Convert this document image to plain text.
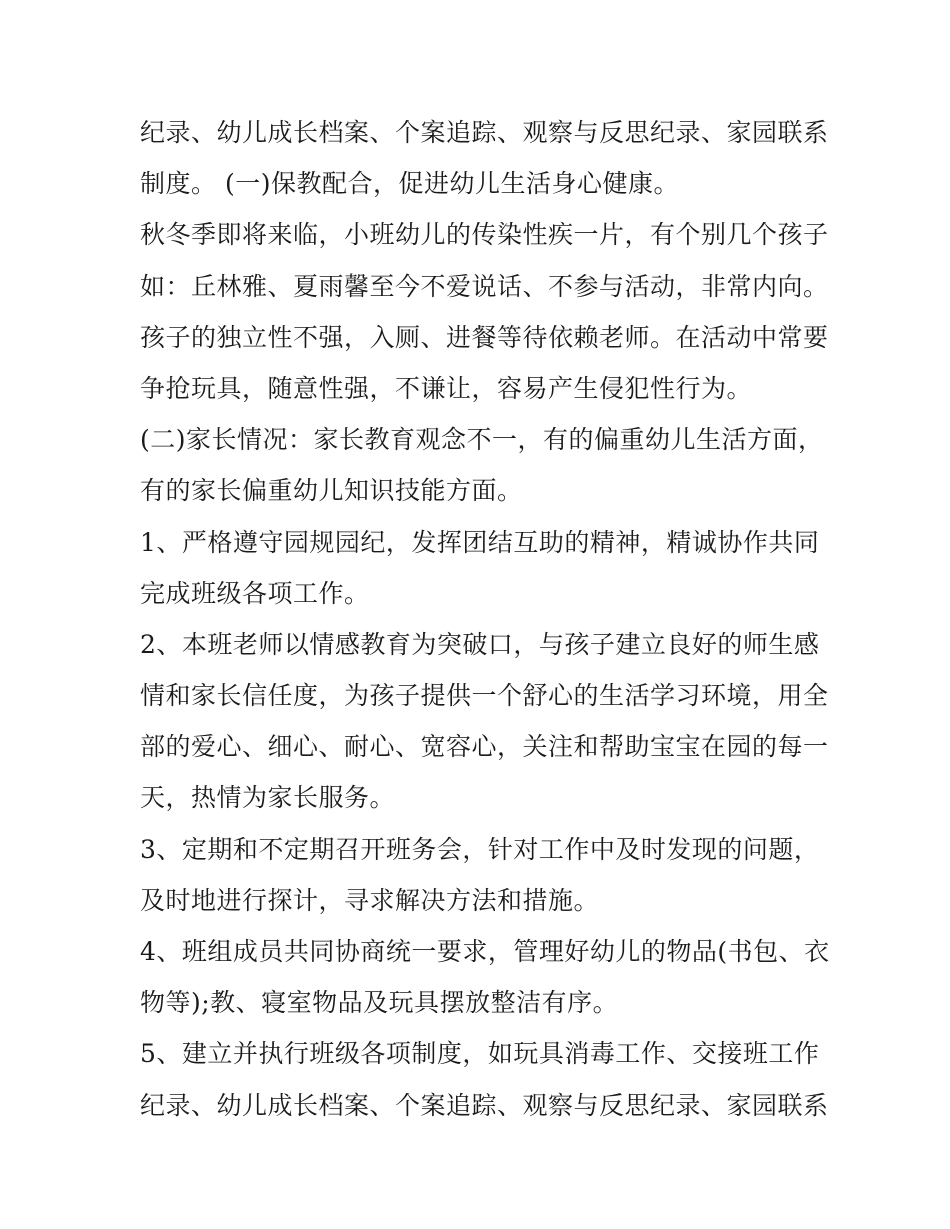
纪录、幼儿成长档案、个案追踪、观察与反思纪录、家园联系
制度。 (一)保教配合，促进幼儿生活身心健康。
秋冬季即将来临，小班幼儿的传染性疾一片，有个别几个孩子
如：丘林雅、夏雨馨至今不爱说话、不参与活动，非常内向。
孩子的独立性不强，入厕、进餐等待依赖老师。在活动中常要
争抢玩具，随意性强，不谦让，容易产生侵犯性行为。
(二)家长情况：家长教育观念不一，有的偏重幼儿生活方面，
有的家长偏重幼儿知识技能方面。
1、严格遵守园规园纪，发挥团结互助的精神，精诚协作共同
完成班级各项工作。
2、本班老师以情感教育为突破口，与孩子建立良好的师生感
情和家长信任度，为孩子提供一个舒心的生活学习环境，用全
部的爱心、细心、耐心、宽容心，关注和帮助宝宝在园的每一
天，热情为家长服务。
3、定期和不定期召开班务会，针对工作中及时发现的问题，
及时地进行探计，寻求解决方法和措施。
4、班组成员共同协商统一要求，管理好幼儿的物品(书包、衣
物等);教、寝室物品及玩具摆放整洁有序。
5、建立并执行班级各项制度，如玩具消毒工作、交接班工作
纪录、幼儿成长档案、个案追踪、观察与反思纪录、家园联系
